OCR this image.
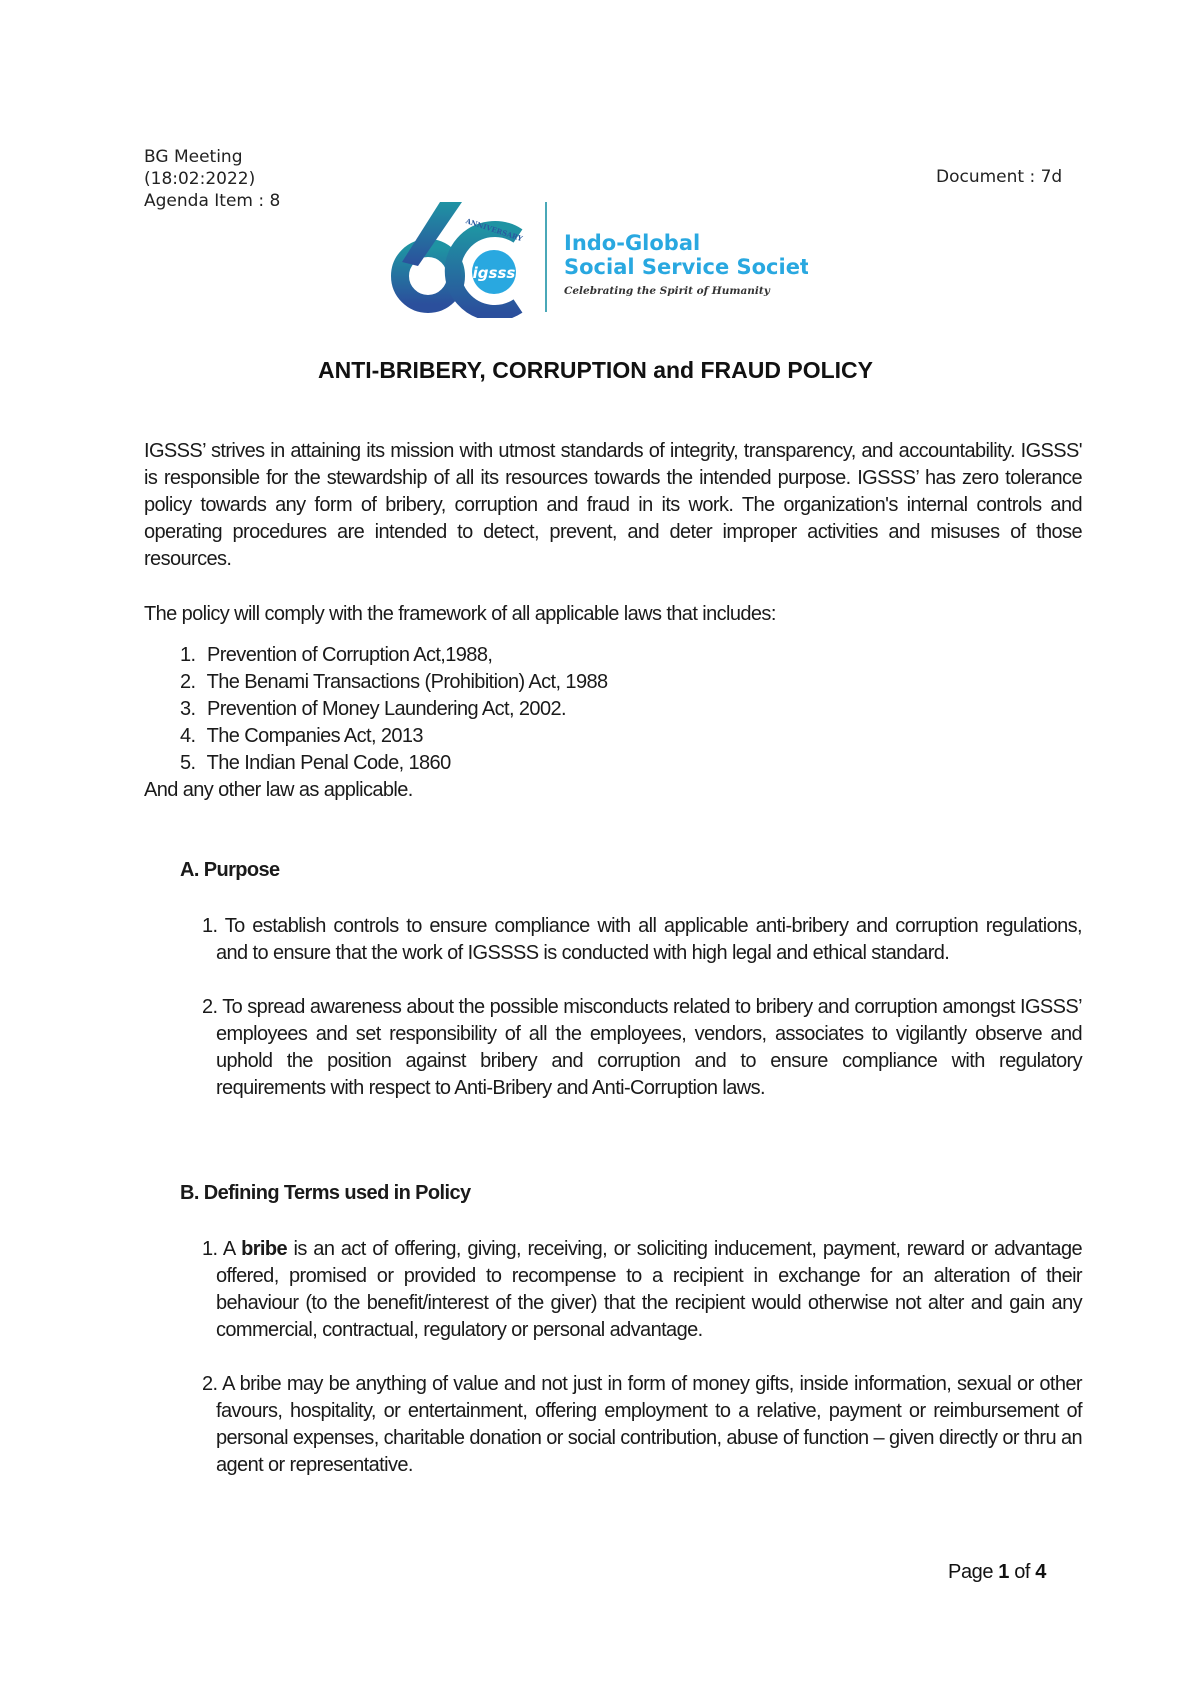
BG Meeting
(18:02:2022)
Agenda Item : 8
Document : 7d
igsss
ANNIVERSARY Indo-Global
Social Service Society
Celebrating the Spirit of Humanity
ANTI-BRIBERY, CORRUPTION and FRAUD POLICY
IGSSS’ strives in attaining its mission with utmost standards of integrity, transparency, and accountability. IGSSS' is responsible for the stewardship of all its resources towards the intended purpose. IGSSS’ has zero tolerance policy towards any form of bribery, corruption and fraud in its work. The organization's internal controls and operating procedures are intended to detect, prevent, and deter improper activities and misuses of those resources.
The policy will comply with the framework of all applicable laws that includes:
1. Prevention of Corruption Act,1988,
2. The Benami Transactions (Prohibition) Act, 1988
3. Prevention of Money Laundering Act, 2002.
4. The Companies Act, 2013
5. The Indian Penal Code, 1860
And any other law as applicable.
A. Purpose
1. To establish controls to ensure compliance with all applicable anti-bribery and corruption regulations, and to ensure that the work of IGSSSS is conducted with high legal and ethical standard.
2. To spread awareness about the possible misconducts related to bribery and corruption amongst IGSSS’ employees and set responsibility of all the employees, vendors, associates to vigilantly observe and uphold the position against bribery and corruption and to ensure compliance with regulatory requirements with respect to Anti-Bribery and Anti-Corruption laws.
B. Defining Terms used in Policy
1. A bribe is an act of offering, giving, receiving, or soliciting inducement, payment, reward or advantage offered, promised or provided to recompense to a recipient in exchange for an alteration of their behaviour (to the benefit/interest of the giver) that the recipient would otherwise not alter and gain any commercial, contractual, regulatory or personal advantage.
2. A bribe may be anything of value and not just in form of money gifts, inside information, sexual or other favours, hospitality, or entertainment, offering employment to a relative, payment or reimbursement of personal expenses, charitable donation or social contribution, abuse of function – given directly or thru an agent or representative.
Page 1 of 4
